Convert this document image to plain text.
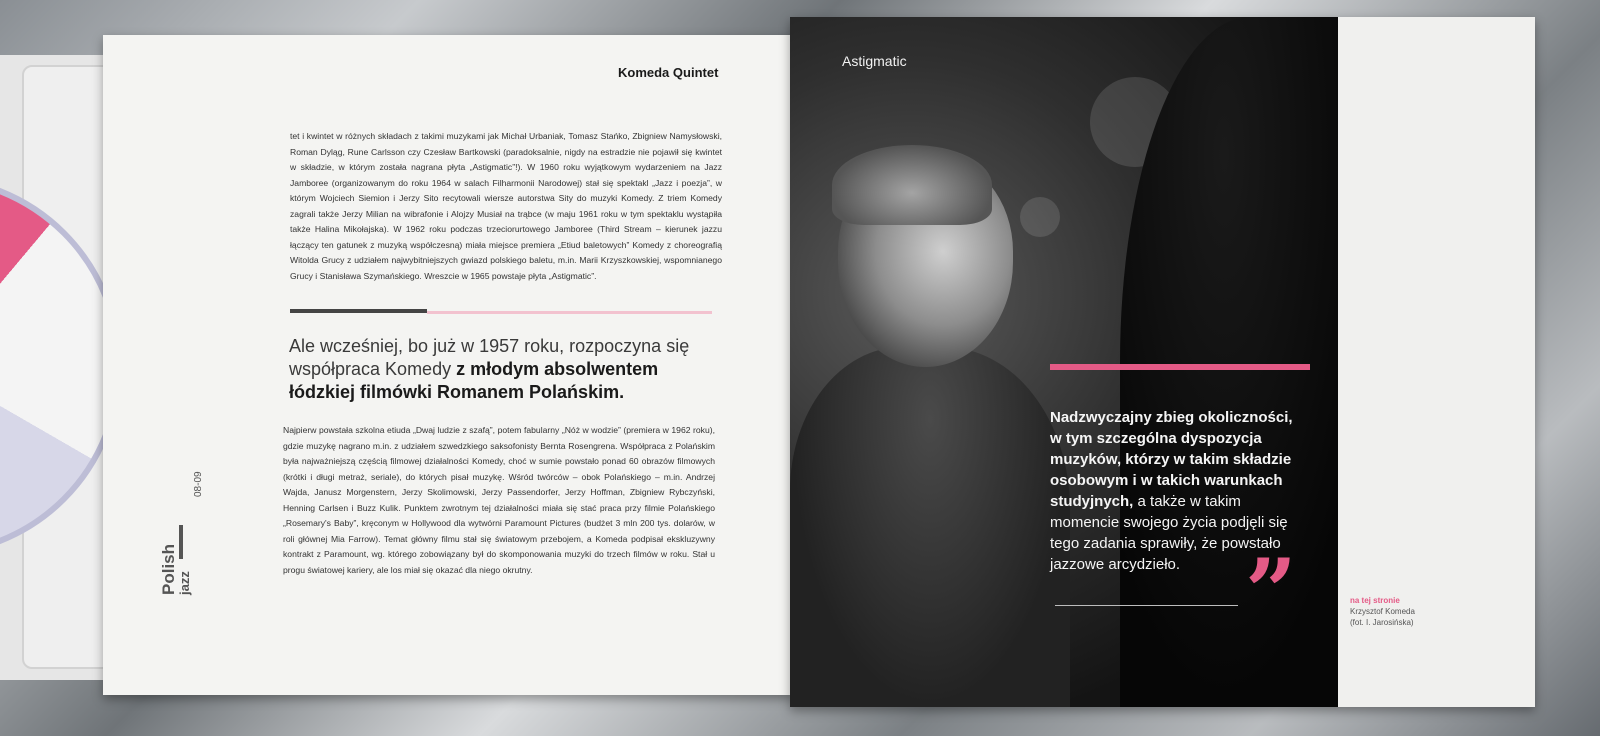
Komeda Quintet
tet i kwintet w różnych składach z takimi muzykami jak Michał Urbaniak, Tomasz Stańko, Zbigniew Namysłowski, Roman Dyląg, Rune Carlsson czy Czesław Bartkowski (paradoksalnie, nigdy na estradzie nie pojawił się kwintet w składzie, w którym została nagrana płyta „Astigmatic”!). W 1960 roku wyjątkowym wydarzeniem na Jazz Jamboree (organizowanym do roku 1964 w salach Filharmonii Narodowej) stał się spektakl „Jazz i poezja”, w którym Wojciech Siemion i Jerzy Sito recytowali wiersze autorstwa Sity do muzyki Komedy. Z triem Komedy zagrali także Jerzy Milian na wibrafonie i Alojzy Musiał na trąbce (w maju 1961 roku w tym spektaklu wystąpiła także Halina Mikołajska). W 1962 roku podczas trzeciorurtowego Jamboree (Third Stream – kierunek jazzu łączący ten gatunek z muzyką współczesną) miała miejsce premiera „Etiud baletowych” Komedy z choreografią Witolda Grucy z udziałem najwybitniejszych gwiazd polskiego baletu, m.in. Marii Krzyszkowskiej, wspomnianego Grucy i Stanisława Szymańskiego. Wreszcie w 1965 powstaje płyta „Astigmatic”.
Ale wcześniej, bo już w 1957 roku, rozpoczyna się współpraca Komedy z młodym absolwentem łódzkiej filmówki Romanem Polańskim.
Najpierw powstała szkolna etiuda „Dwaj ludzie z szafą”, potem fabularny „Nóż w wodzie” (premiera w 1962 roku), gdzie muzykę nagrano m.in. z udziałem szwedzkiego saksofonisty Bernta Rosengrena. Współpraca z Polańskim była najważniejszą częścią filmowej działalności Komedy, choć w sumie powstało ponad 60 obrazów filmowych (krótki i długi metraż, seriale), do których pisał muzykę. Wśród twórców – obok Polańskiego – m.in. Andrzej Wajda, Janusz Morgenstern, Jerzy Skolimowski, Jerzy Passendorfer, Jerzy Hoffman, Zbigniew Rybczyński, Henning Carlsen i Buzz Kulik. Punktem zwrotnym tej działalności miała się stać praca przy filmie Polańskiego „Rosemary's Baby”, kręconym w Hollywood dla wytwórni Paramount Pictures (budżet 3 mln 200 tys. dolarów, w roli głównej Mia Farrow). Temat główny filmu stał się światowym przebojem, a Komeda podpisał ekskluzywny kontrakt z Paramount, wg. którego zobowiązany był do skomponowania muzyki do trzech filmów w roku. Stał u progu światowej kariery, ale los miał się okazać dla niego okrutny.
Polish
jazz
08-09
Astigmatic
Nadzwyczajny zbieg okoliczności, w tym szczególna dyspozycja muzyków, którzy w takim składzie osobowym i w takich warunkach studyjnych, a także w takim momencie swojego życia podjęli się tego zadania sprawiły, że powstało jazzowe arcydzieło. ”	na tej stronie
Krzysztof Komeda
(fot. I. Jarosińska)
